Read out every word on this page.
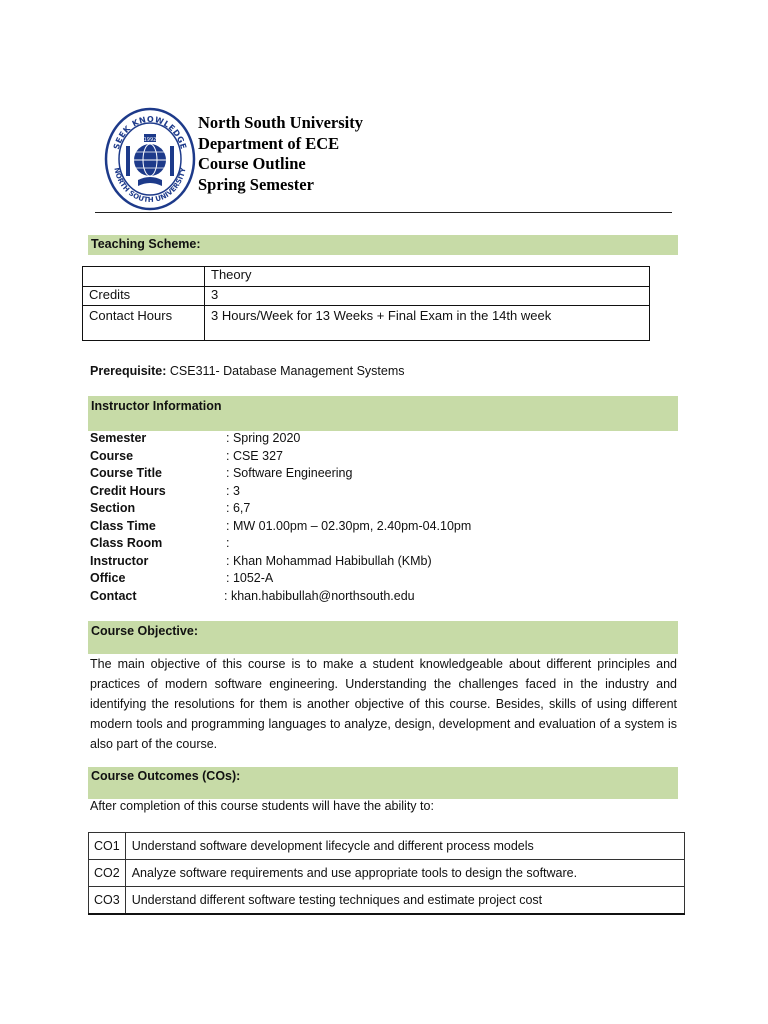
SEEK KNOWLEDGE
NORTH SOUTH UNIVERSITY
1992
North South University
Department of ECE
Course Outline
Spring Semester
Teaching Scheme:
	Theory
Credits	3
Contact Hours	3 Hours/Week for 13 Weeks + Final Exam in the 14th week
Prerequisite: CSE311- Database Management Systems
Instructor Information
Semester	: Spring 2020
Course	: CSE 327
Course Title	: Software Engineering
Credit Hours	: 3
Section	: 6,7
Class Time	: MW 01.00pm – 02.30pm, 2.40pm-04.10pm
Class Room	:
Instructor	: Khan Mohammad Habibullah (KMb)
Office	: 1052-A
Contact	: khan.habibullah@northsouth.edu
Course Objective:

The main objective of this course is to make a student knowledgeable about different principles and practices of modern software engineering. Understanding the challenges faced in the industry and identifying the resolutions for them is another objective of this course. Besides, skills of using different modern tools and programming languages to analyze, design, development and evaluation of a system is also part of the course.

Course Outcomes (COs):
After completion of this course students will have the ability to:
CO1	Understand software development lifecycle and different process models
CO2	Analyze software requirements and use appropriate tools to design the software.
CO3	Understand different software testing techniques and estimate project cost
